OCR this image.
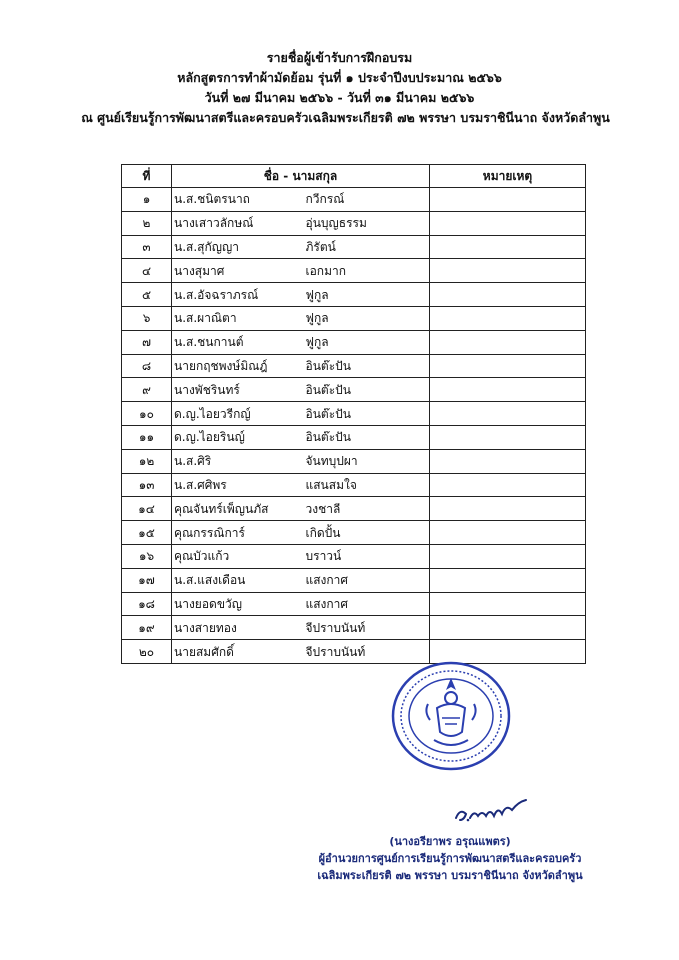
รายชื่อผู้เข้ารับการฝึกอบรม
หลักสูตรการทำผ้ามัดย้อม รุ่นที่ ๑ ประจำปีงบประมาณ ๒๕๖๖
วันที่ ๒๗ มีนาคม ๒๕๖๖ - วันที่ ๓๑ มีนาคม ๒๕๖๖
ณ ศูนย์เรียนรู้การพัฒนาสตรีและครอบครัวเฉลิมพระเกียรติ ๗๒ พรรษา บรมราชินีนาถ จังหวัดลำพูน
ที่	ชื่อ - นามสกุล		หมายเหตุ
๑	น.ส.ชนิตรนาถ	กวีกรณ์	
๒	นางเสาวลักษณ์	อุ่นบุญธรรม	
๓	น.ส.สุกัญญา	ภิรัตน์	
๔	นางสุมาศ	เอกมาก	
๕	น.ส.อัจฉราภรณ์	ฟูกูล	
๖	น.ส.ผาณิตา	ฟูกูล	
๗	น.ส.ชนกานต์	ฟูกูล	
๘	นายกฤชพงษ์มิณฎ์	อินต๊ะปัน	
๙	นางพัชรินทร์	อินต๊ะปัน	
๑๐	ด.ญ.ไอยวรีกญ์	อินต๊ะปัน	
๑๑	ด.ญ.ไอยรินญ์	อินต๊ะปัน	
๑๒	น.ส.ศิริ	จันทบุปผา	
๑๓	น.ส.ศศิพร	แสนสมใจ	
๑๔	คุณจันทร์เพ็ญนภัส	วงชาลี	
๑๕	คุณกรรณิการ์	เกิดปั้น	
๑๖	คุณบัวแก้ว	บราวน์	
๑๗	น.ส.แสงเดือน	แสงกาศ	
๑๘	นางยอดขวัญ	แสงกาศ	
๑๙	นางสายทอง	จีปราบนันท์	
๒๐	นายสมศักดิ์	จีปราบนันท์	
(นางอรียาพร อรุณแพตร)
ผู้อำนวยการศูนย์การเรียนรู้การพัฒนาสตรีและครอบครัว
เฉลิมพระเกียรติ ๗๒ พรรษา บรมราชินีนาถ จังหวัดลำพูน
